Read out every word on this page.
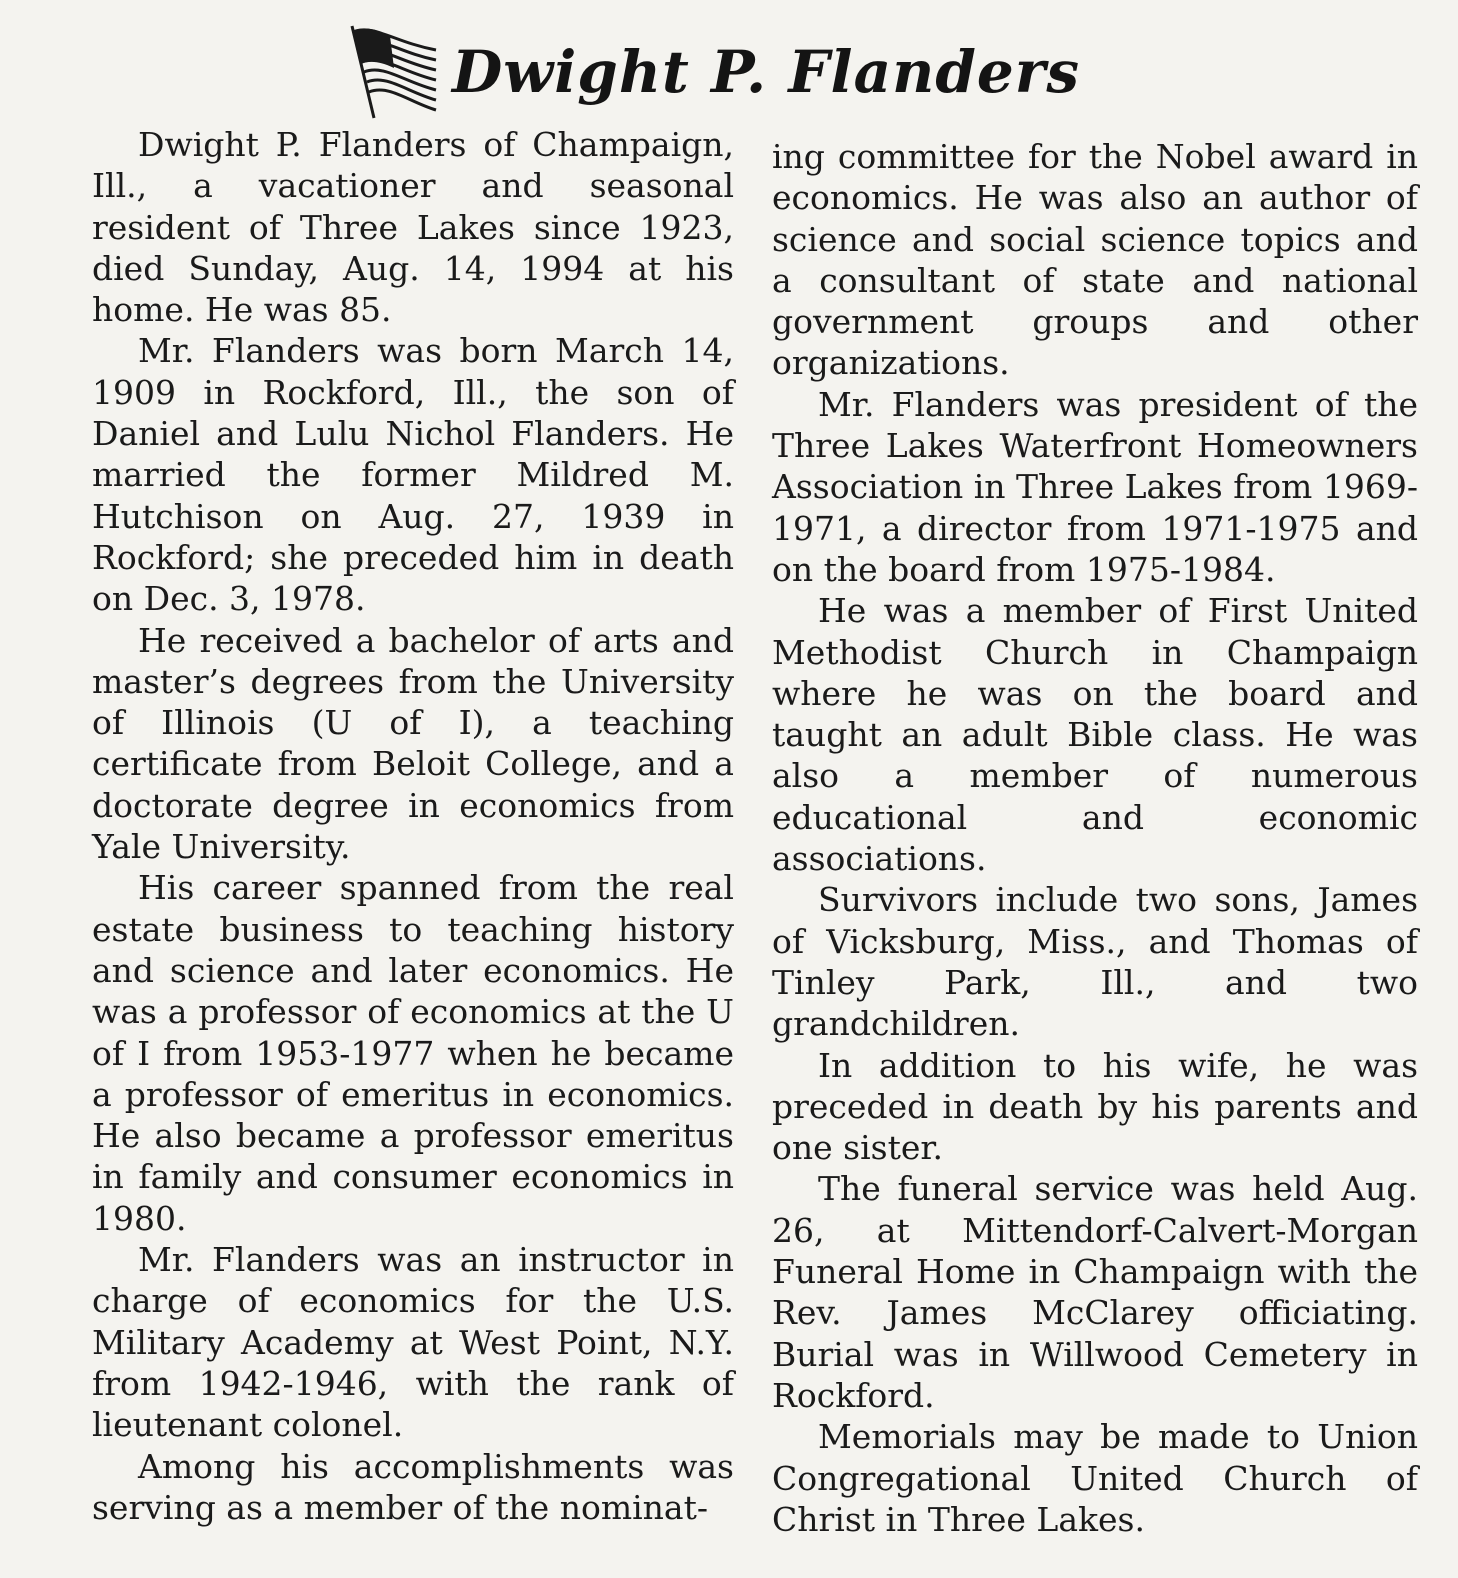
Dwight P. Flanders

Dwight P. Flanders of Champaign, Ill., a vacationer and seasonal resident of Three Lakes since 1923, died Sunday, Aug. 14, 1994 at his home. He was 85.

Mr. Flanders was born March 14, 1909 in Rockford, Ill., the son of Daniel and Lulu Nichol Flanders. He married the former Mildred M. Hutchison on Aug. 27, 1939 in Rockford; she preceded him in death on Dec. 3, 1978.

He received a bachelor of arts and master’s degrees from the University of Illinois (U of I), a teaching certificate from Beloit College, and a doctorate degree in economics from Yale University.

His career spanned from the real estate business to teaching history and science and later economics. He was a professor of economics at the U of I from 1953-1977 when he became a professor of emeritus in economics. He also became a professor emeritus in family and consumer economics in 1980.

Mr. Flanders was an instructor in charge of economics for the U.S. Military Academy at West Point, N.Y. from 1942-1946, with the rank of lieutenant colonel.

Among his accomplishments was serving as a member of the nominat-

ing committee for the Nobel award in economics. He was also an author of science and social science topics and a consultant of state and national government groups and other organizations.

Mr. Flanders was president of the Three Lakes Waterfront Homeowners Association in Three Lakes from 1969-1971, a director from 1971-1975 and on the board from 1975-1984.

He was a member of First United Methodist Church in Champaign where he was on the board and taught an adult Bible class. He was also a member of numerous educational and economic associations.

Survivors include two sons, James of Vicksburg, Miss., and Thomas of Tinley Park, Ill., and two grandchildren.

In addition to his wife, he was preceded in death by his parents and one sister.

The funeral service was held Aug. 26, at Mittendorf-Calvert-Morgan Funeral Home in Champaign with the Rev. James McClarey officiating. Burial was in Willwood Cemetery in Rockford.

Memorials may be made to Union Congregational United Church of Christ in Three Lakes.
